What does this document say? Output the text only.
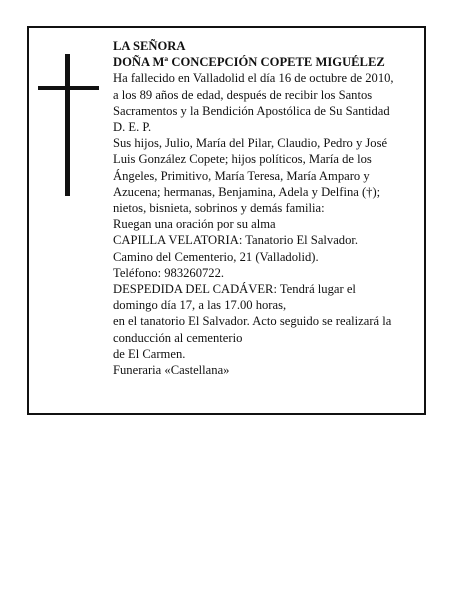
LA SEÑORA
DOÑA Mª CONCEPCIÓN COPETE MIGUÉLEZ
Ha fallecido en Valladolid el día 16 de octubre de 2010,
a los 89 años de edad, después de recibir los Santos
Sacramentos y la Bendición Apostólica de Su Santidad
D. E. P.
Sus hijos, Julio, María del Pilar, Claudio, Pedro y José
Luis González Copete; hijos políticos, María de los
Ángeles, Primitivo, María Teresa, María Amparo y
Azucena; hermanas, Benjamina, Adela y Delfina (†);
nietos, bisnieta, sobrinos y demás familia:
Ruegan una oración por su alma
CAPILLA VELATORIA: Tanatorio El Salvador.
Camino del Cementerio, 21 (Valladolid).
Teléfono: 983260722.
DESPEDIDA DEL CADÁVER: Tendrá lugar el
domingo día 17, a las 17.00 horas,
en el tanatorio El Salvador. Acto seguido se realizará la
conducción al cementerio
de El Carmen.
Funeraria «Castellana»
